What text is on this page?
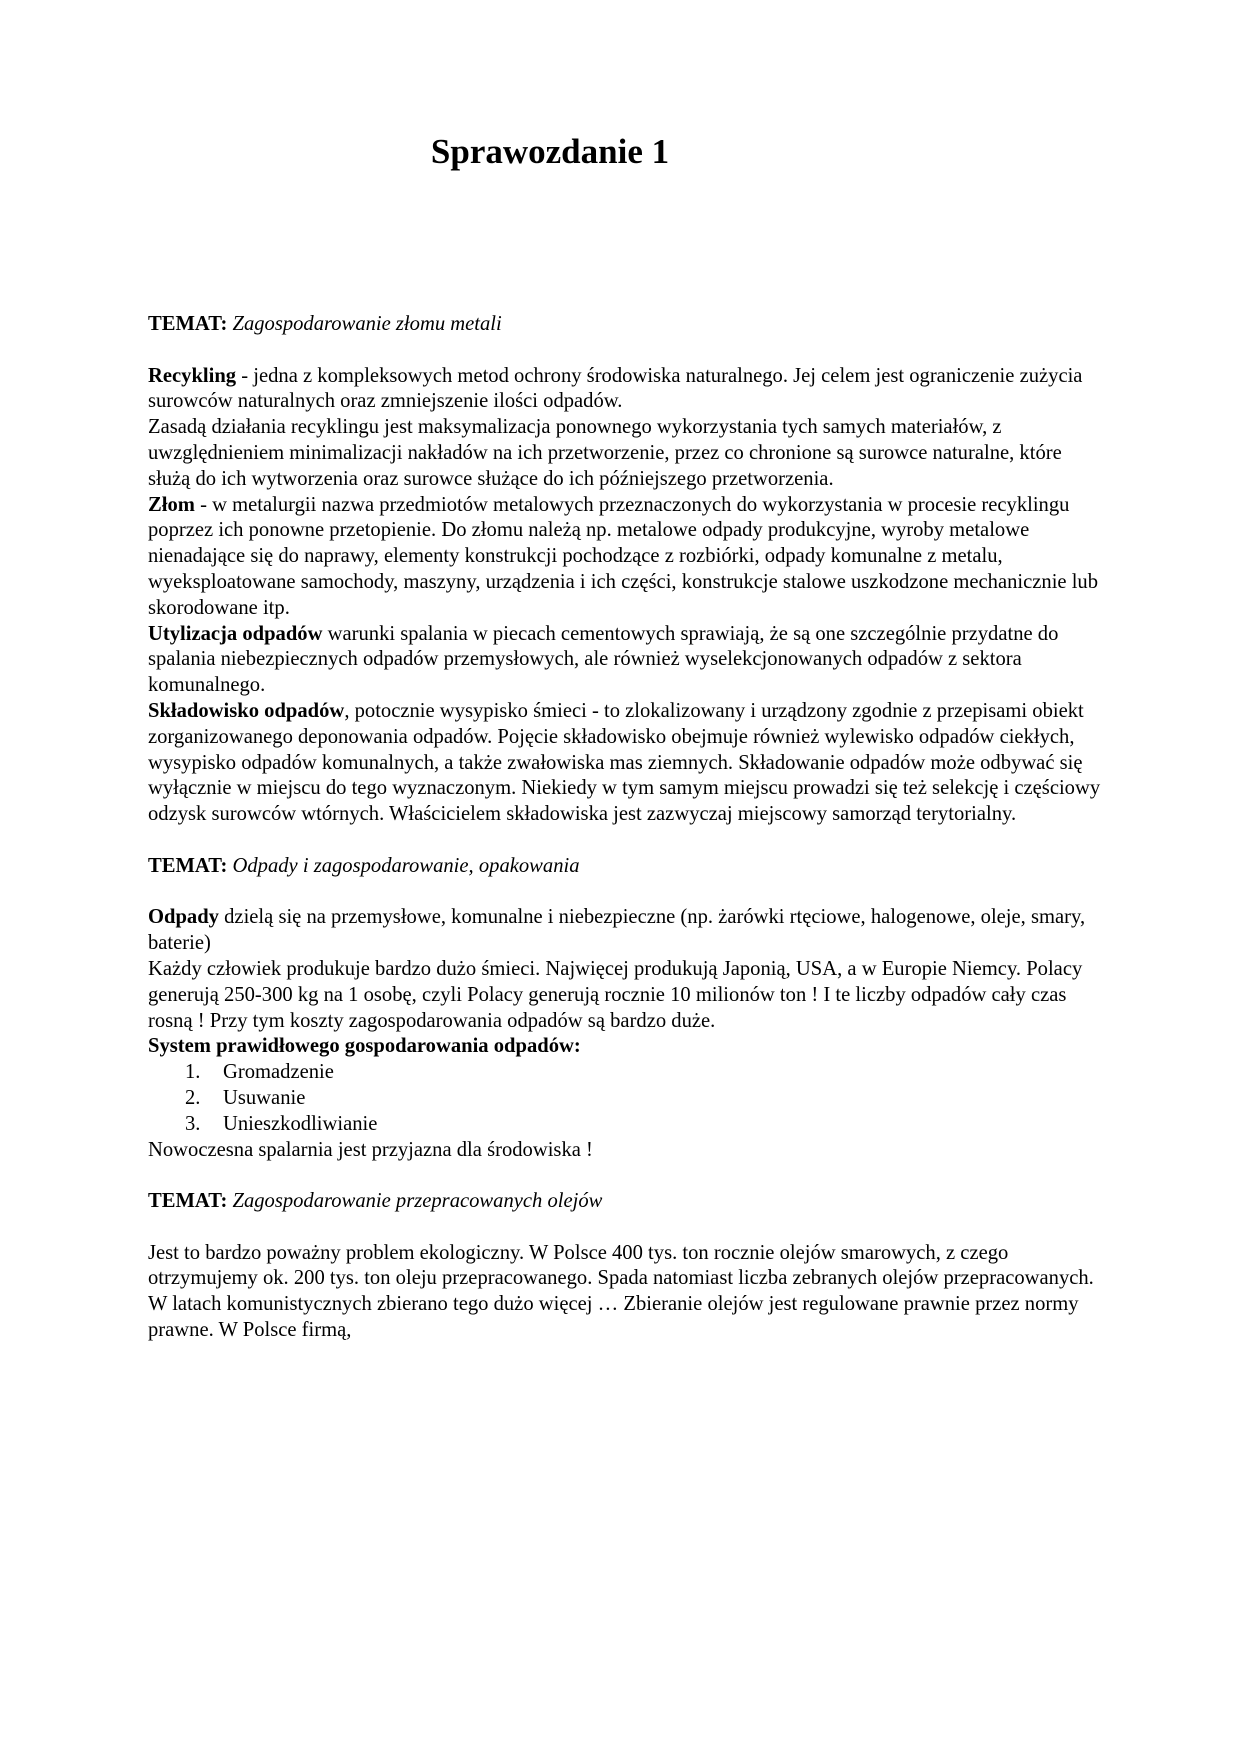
Sprawozdanie 1

TEMAT: Zagospodarowanie złomu metali

Recykling - jedna z kompleksowych metod ochrony środowiska naturalnego. Jej celem jest ograniczenie zużycia surowców naturalnych oraz zmniejszenie ilości odpadów.

Zasadą działania recyklingu jest maksymalizacja ponownego wykorzystania tych samych materiałów, z uwzględnieniem minimalizacji nakładów na ich przetworzenie, przez co chronione są surowce naturalne, które służą do ich wytworzenia oraz surowce służące do ich późniejszego przetworzenia.

Złom - w metalurgii nazwa przedmiotów metalowych przeznaczonych do wykorzystania w procesie recyklingu poprzez ich ponowne przetopienie. Do złomu należą np. metalowe odpady produkcyjne, wyroby metalowe nienadające się do naprawy, elementy konstrukcji pochodzące z rozbiórki, odpady komunalne z metalu, wyeksploatowane samochody, maszyny, urządzenia i ich części, konstrukcje stalowe uszkodzone mechanicznie lub skorodowane itp.

Utylizacja odpadów warunki spalania w piecach cementowych sprawiają, że są one szczególnie przydatne do spalania niebezpiecznych odpadów przemysłowych, ale również wyselekcjonowanych odpadów z sektora komunalnego.

Składowisko odpadów, potocznie wysypisko śmieci - to zlokalizowany i urządzony zgodnie z przepisami obiekt zorganizowanego deponowania odpadów. Pojęcie składowisko obejmuje również wylewisko odpadów ciekłych, wysypisko odpadów komunalnych, a także zwałowiska mas ziemnych. Składowanie odpadów może odbywać się wyłącznie w miejscu do tego wyznaczonym. Niekiedy w tym samym miejscu prowadzi się też selekcję i częściowy odzysk surowców wtórnych. Właścicielem składowiska jest zazwyczaj miejscowy samorząd terytorialny.

TEMAT: Odpady i zagospodarowanie, opakowania

Odpady dzielą się na przemysłowe, komunalne i niebezpieczne (np. żarówki rtęciowe, halogenowe, oleje, smary, baterie)

Każdy człowiek produkuje bardzo dużo śmieci. Najwięcej produkują Japonią, USA, a w Europie Niemcy. Polacy generują 250-300 kg na 1 osobę, czyli Polacy generują rocznie 10 milionów ton ! I te liczby odpadów cały czas rosną ! Przy tym koszty zagospodarowania odpadów są bardzo duże.

System prawidłowego gospodarowania odpadów:

1. Gromadzenie
2. Usuwanie
3. Unieszkodliwianie

Nowoczesna spalarnia jest przyjazna dla środowiska !

TEMAT: Zagospodarowanie przepracowanych olejów

Jest to bardzo poważny problem ekologiczny. W Polsce 400 tys. ton rocznie olejów smarowych, z czego otrzymujemy ok. 200 tys. ton oleju przepracowanego. Spada natomiast liczba zebranych olejów przepracowanych. W latach komunistycznych zbierano tego dużo więcej … Zbieranie olejów jest regulowane prawnie przez normy prawne. W Polsce firmą,
